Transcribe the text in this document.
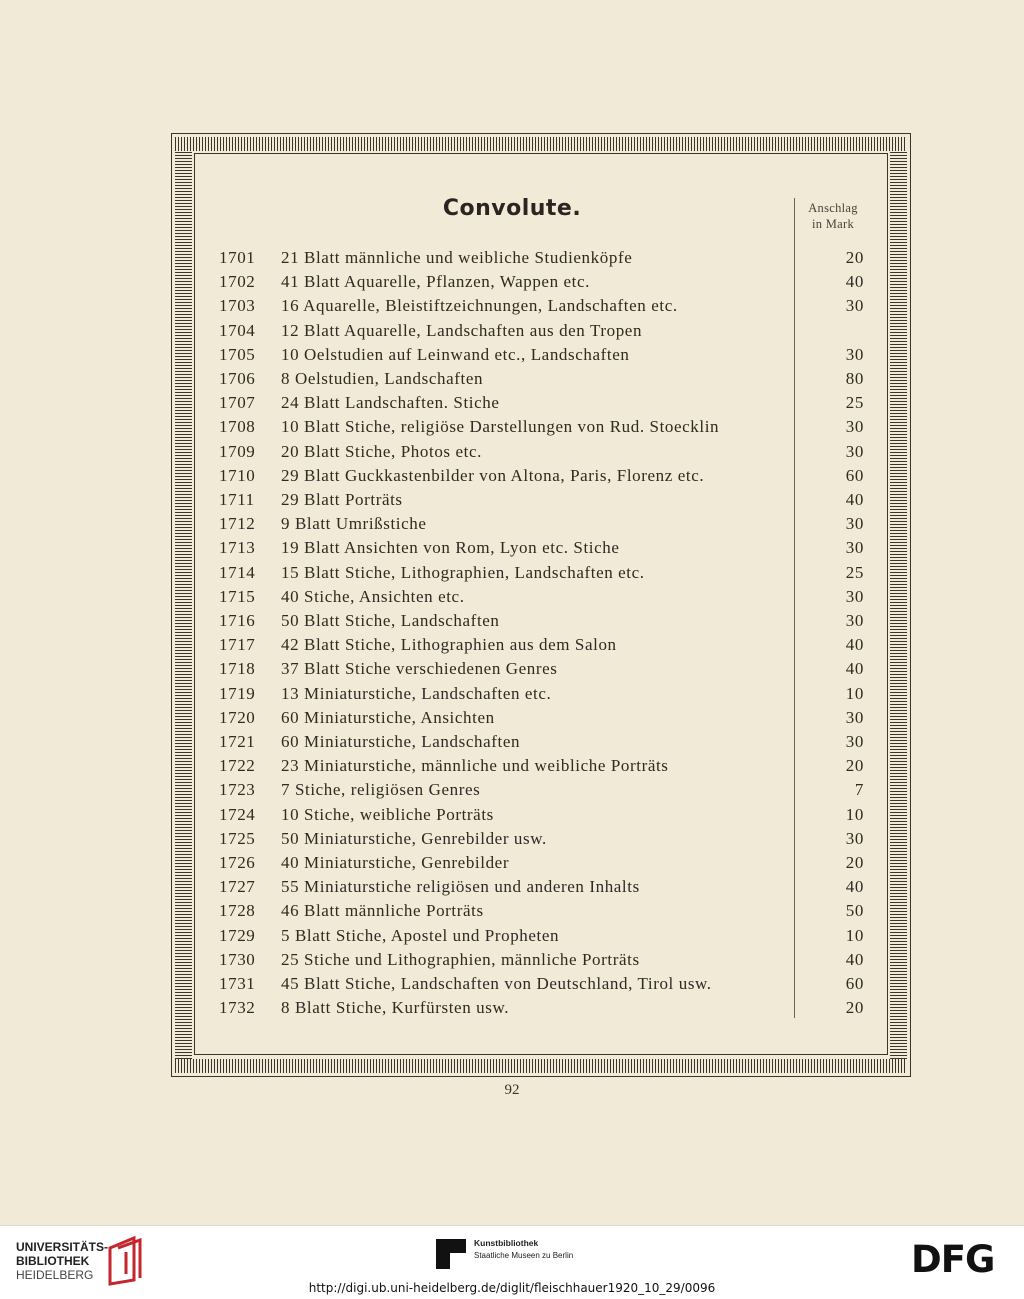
Convolute.	Anschlag
in Mark
1701	21 Blatt männliche und weibliche Studienköpfe	20
1702	41 Blatt Aquarelle, Pflanzen, Wappen etc.	40
1703	16 Aquarelle, Bleistiftzeichnungen, Landschaften etc.	30
1704	12 Blatt Aquarelle, Landschaften aus den Tropen
1705	10 Oelstudien auf Leinwand etc., Landschaften	30
1706	8 Oelstudien, Landschaften	80
1707	24 Blatt Landschaften. Stiche	25
1708	10 Blatt Stiche, religiöse Darstellungen von Rud. Stoecklin	30
1709	20 Blatt Stiche, Photos etc.	30
1710	29 Blatt Guckkastenbilder von Altona, Paris, Florenz etc.	60
1711	29 Blatt Porträts	40
1712	9 Blatt Umrißstiche	30
1713	19 Blatt Ansichten von Rom, Lyon etc. Stiche	30
1714	15 Blatt Stiche, Lithographien, Landschaften etc.	25
1715	40 Stiche, Ansichten etc.	30
1716	50 Blatt Stiche, Landschaften	30
1717	42 Blatt Stiche, Lithographien aus dem Salon	40
1718	37 Blatt Stiche verschiedenen Genres	40
1719	13 Miniaturstiche, Landschaften etc.	10
1720	60 Miniaturstiche, Ansichten	30
1721	60 Miniaturstiche, Landschaften	30
1722	23 Miniaturstiche, männliche und weibliche Porträts	20
1723	7 Stiche, religiösen Genres	7
1724	10 Stiche, weibliche Porträts	10
1725	50 Miniaturstiche, Genrebilder usw.	30
1726	40 Miniaturstiche, Genrebilder	20
1727	55 Miniaturstiche religiösen und anderen Inhalts	40
1728	46 Blatt männliche Porträts	50
1729	5 Blatt Stiche, Apostel und Propheten	10
1730	25 Stiche und Lithographien, männliche Porträts	40
1731	45 Blatt Stiche, Landschaften von Deutschland, Tirol usw.	60
1732	8 Blatt Stiche, Kurfürsten usw.	20
92
UNIVERSITÄTS-
BIBLIOTHEK
HEIDELBERG
Kunstbibliothek
Staatliche Museen zu Berlin	DFG
http://digi.ub.uni-heidelberg.de/diglit/fleischhauer1920_10_29/0096
